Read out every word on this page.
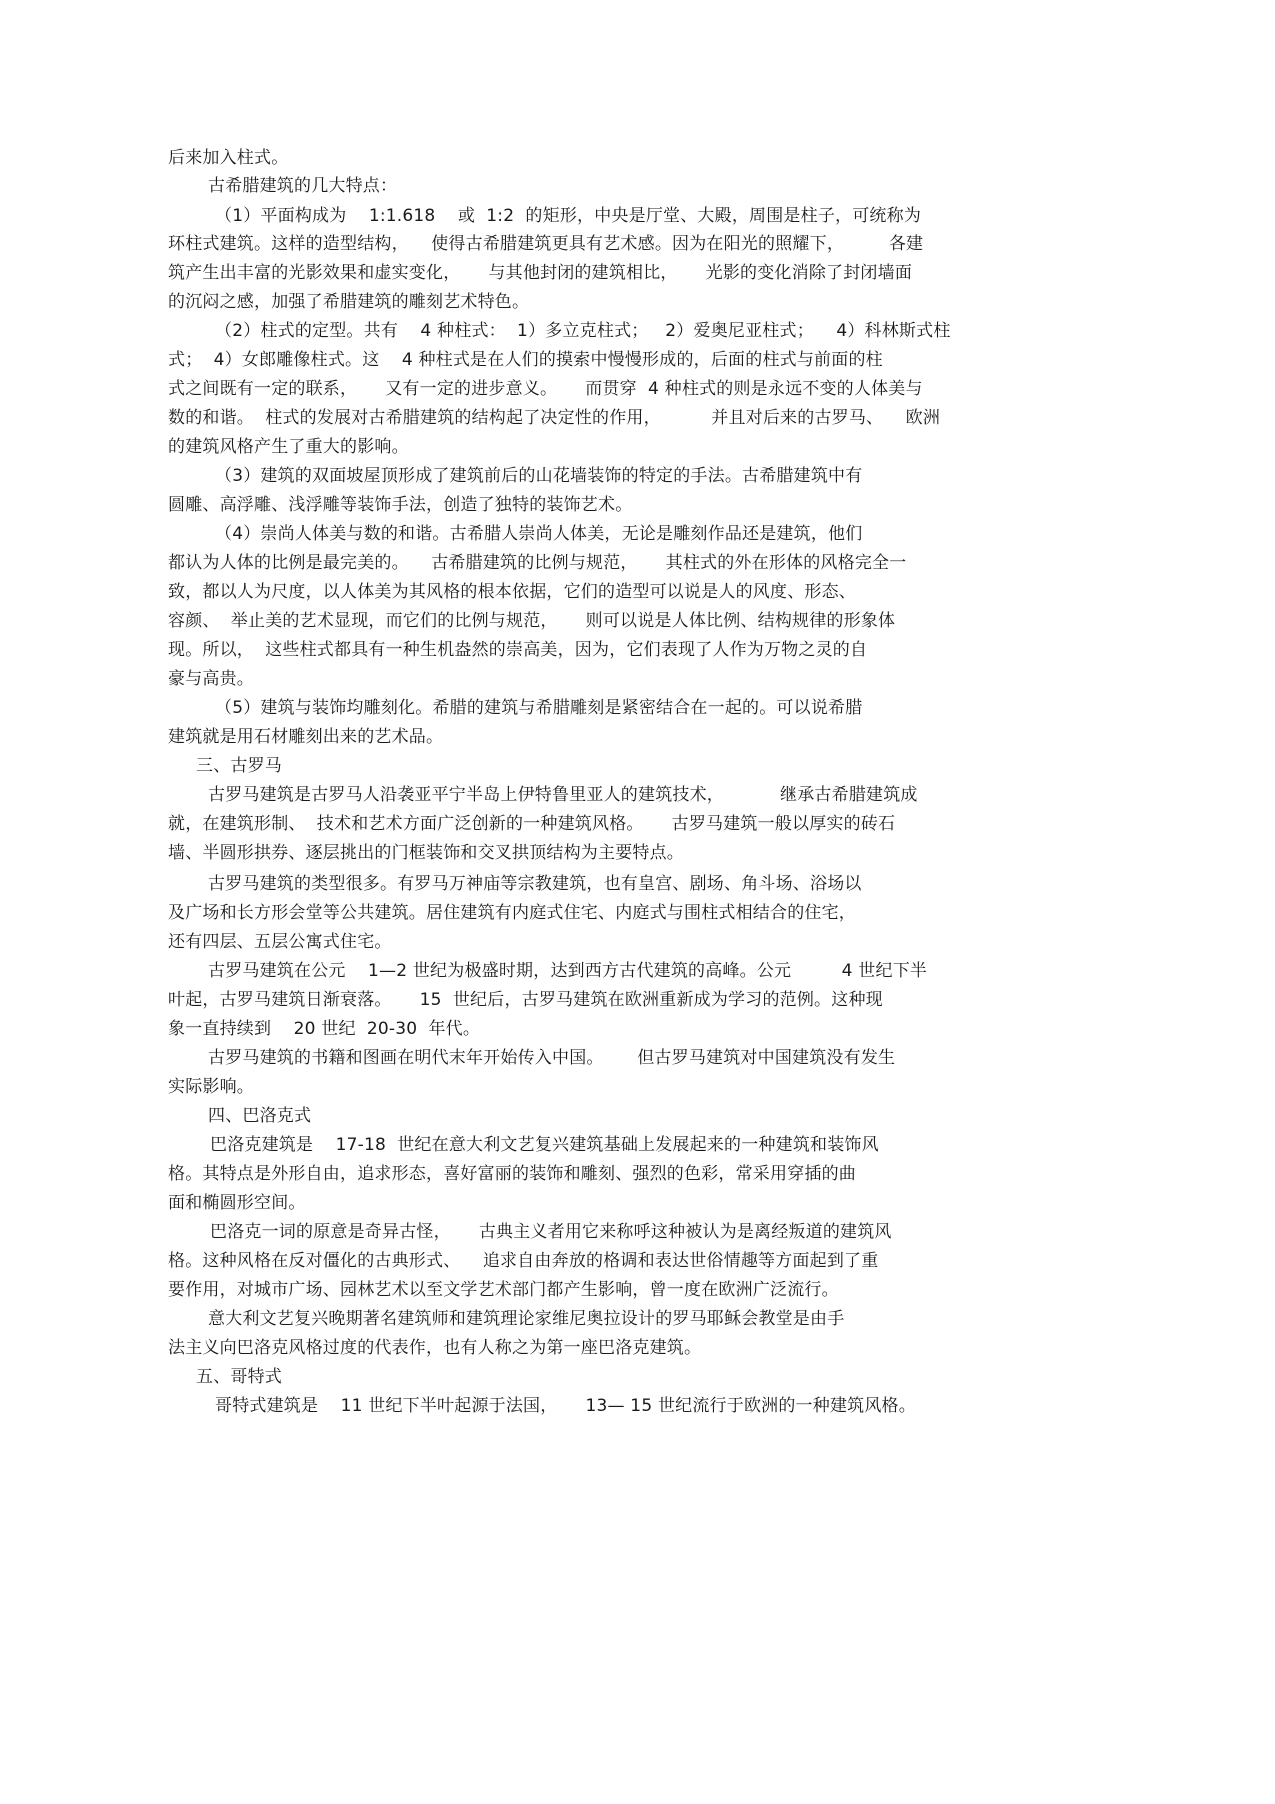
后来加入柱式。
古希腊建筑的几大特点：
（1）平面构成为    1:1.618    或  1:2  的矩形，中央是厅堂、大殿，周围是柱子，可统称为
环柱式建筑。这样的造型结构，    使得古希腊建筑更具有艺术感。因为在阳光的照耀下，        各建
筑产生出丰富的光影效果和虚实变化，     与其他封闭的建筑相比，     光影的变化消除了封闭墙面
的沉闷之感，加强了希腊建筑的雕刻艺术特色。
（2）柱式的定型。共有    4 种柱式：  1）多立克柱式；   2）爱奥尼亚柱式；    4）科林斯式柱
式；  4）女郎雕像柱式。这    4 种柱式是在人们的摸索中慢慢形成的，后面的柱式与前面的柱
式之间既有一定的联系，     又有一定的进步意义。     而贯穿  4 种柱式的则是永远不变的人体美与
数的和谐。  柱式的发展对古希腊建筑的结构起了决定性的作用，         并且对后来的古罗马、    欧洲
的建筑风格产生了重大的影响。
（3）建筑的双面坡屋顶形成了建筑前后的山花墙装饰的特定的手法。古希腊建筑中有
圆雕、高浮雕、浅浮雕等装饰手法，创造了独特的装饰艺术。
（4）崇尚人体美与数的和谐。古希腊人崇尚人体美，无论是雕刻作品还是建筑，他们
都认为人体的比例是最完美的。    古希腊建筑的比例与规范，     其柱式的外在形体的风格完全一
致，都以人为尺度，以人体美为其风格的根本依据，它们的造型可以说是人的风度、形态、
容颜、  举止美的艺术显现，而它们的比例与规范，     则可以说是人体比例、结构规律的形象体
现。所以，  这些柱式都具有一种生机盎然的崇高美，因为，它们表现了人作为万物之灵的自
豪与高贵。
（5）建筑与装饰均雕刻化。希腊的建筑与希腊雕刻是紧密结合在一起的。可以说希腊
建筑就是用石材雕刻出来的艺术品。
三、古罗马
古罗马建筑是古罗马人沿袭亚平宁半岛上伊特鲁里亚人的建筑技术，          继承古希腊建筑成
就，在建筑形制、  技术和艺术方面广泛创新的一种建筑风格。     古罗马建筑一般以厚实的砖石
墙、半圆形拱券、逐层挑出的门框装饰和交叉拱顶结构为主要特点。
古罗马建筑的类型很多。有罗马万神庙等宗教建筑，也有皇宫、剧场、角斗场、浴场以
及广场和长方形会堂等公共建筑。居住建筑有内庭式住宅、内庭式与围柱式相结合的住宅，
还有四层、五层公寓式住宅。
古罗马建筑在公元    1—2 世纪为极盛时期，达到西方古代建筑的高峰。公元         4 世纪下半
叶起，古罗马建筑日渐衰落。     15  世纪后，古罗马建筑在欧洲重新成为学习的范例。这种现
象一直持续到    20 世纪  20-30  年代。
古罗马建筑的书籍和图画在明代末年开始传入中国。      但古罗马建筑对中国建筑没有发生
实际影响。
四、巴洛克式
巴洛克建筑是    17-18  世纪在意大利文艺复兴建筑基础上发展起来的一种建筑和装饰风
格。其特点是外形自由，追求形态，喜好富丽的装饰和雕刻、强烈的色彩，常采用穿插的曲
面和椭圆形空间。
巴洛克一词的原意是奇异古怪，     古典主义者用它来称呼这种被认为是离经叛道的建筑风
格。这种风格在反对僵化的古典形式、    追求自由奔放的格调和表达世俗情趣等方面起到了重
要作用，对城市广场、园林艺术以至文学艺术部门都产生影响，曾一度在欧洲广泛流行。
意大利文艺复兴晚期著名建筑师和建筑理论家维尼奥拉设计的罗马耶稣会教堂是由手
法主义向巴洛克风格过度的代表作，也有人称之为第一座巴洛克建筑。
五、哥特式
哥特式建筑是    11 世纪下半叶起源于法国，     13— 15 世纪流行于欧洲的一种建筑风格。
